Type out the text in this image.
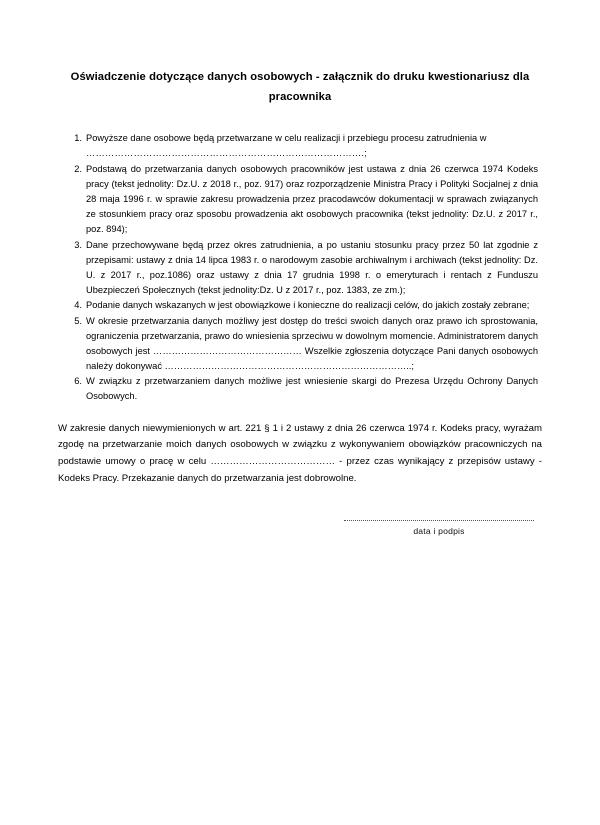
Oświadczenie dotyczące danych osobowych - załącznik do druku kwestionariusz dla pracownika
Powyższe dane osobowe będą przetwarzane w celu realizacji i przebiegu procesu zatrudnienia w
…………………………………………………………………………….;
Podstawą do przetwarzania danych osobowych pracowników jest ustawa z dnia 26 czerwca 1974 Kodeks pracy (tekst jednolity: Dz.U. z 2018 r., poz. 917) oraz rozporządzenie Ministra Pracy i Polityki Socjalnej z dnia 28 maja 1996 r. w sprawie zakresu prowadzenia przez pracodawców dokumentacji w sprawach związanych ze stosunkiem pracy oraz sposobu prowadzenia akt osobowych pracownika (tekst jednolity: Dz.U. z 2017 r., poz. 894);
Dane przechowywane będą przez okres zatrudnienia, a po ustaniu stosunku pracy przez 50 lat zgodnie z przepisami: ustawy z dnia 14 lipca 1983 r. o narodowym zasobie archiwalnym i archiwach (tekst jednolity: Dz. U. z 2017 r., poz.1086) oraz ustawy z dnia 17 grudnia 1998 r. o emeryturach i rentach z Funduszu Ubezpieczeń Społecznych (tekst jednolity:Dz. U z 2017 r., poz. 1383, ze zm.);
Podanie danych wskazanych w jest obowiązkowe i konieczne do realizacji celów, do jakich zostały zebrane;
W okresie przetwarzania danych możliwy jest dostęp do treści swoich danych oraz prawo ich sprostowania, ograniczenia przetwarzania, prawo do wniesienia sprzeciwu w dowolnym momencie. Administratorem danych osobowych jest ………………………………………… Wszelkie zgłoszenia dotyczące Pani danych osobowych należy dokonywać ……………………………………………………………………..;
W związku z przetwarzaniem danych możliwe jest wniesienie skargi do Prezesa Urzędu Ochrony Danych Osobowych.

W zakresie danych niewymienionych w art. 221 § 1 i 2 ustawy z dnia 26 czerwca 1974 r. Kodeks pracy, wyrażam zgodę na przetwarzanie moich danych osobowych w związku z wykonywaniem obowiązków pracowniczych na podstawie umowy o pracę w celu ………………………………… - przez czas wynikający z przepisów ustawy - Kodeks Pracy. Przekazanie danych do przetwarzania jest dobrowolne.

data i podpis
